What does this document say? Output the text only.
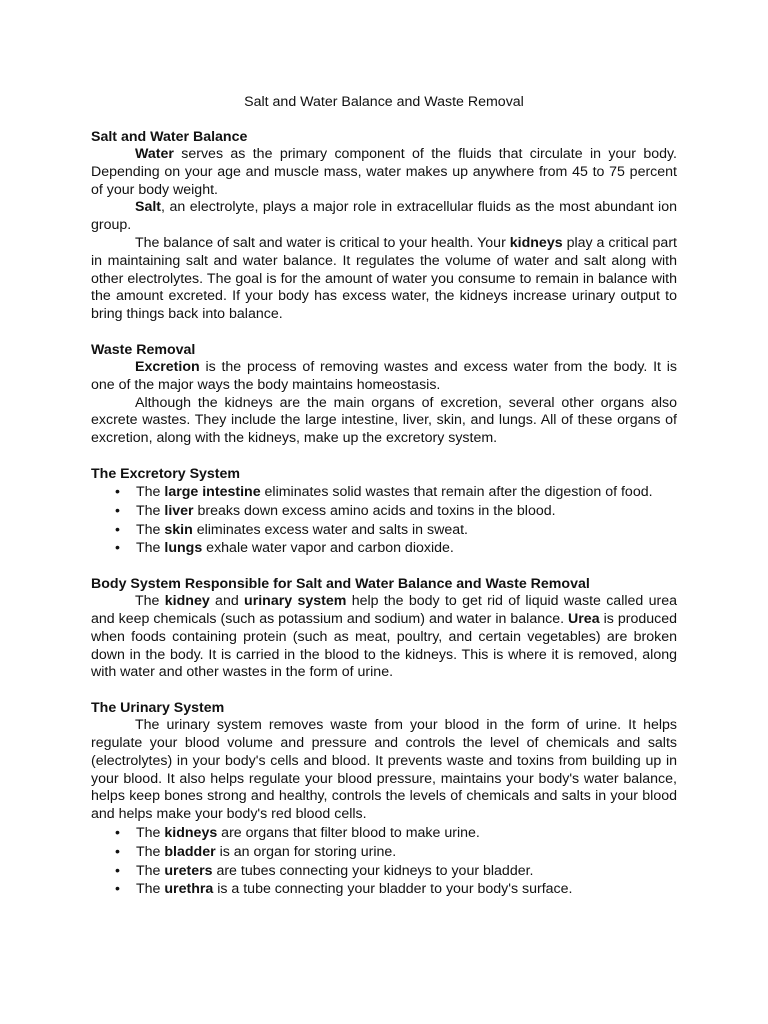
Salt and Water Balance and Waste Removal
Salt and Water Balance

Water serves as the primary component of the fluids that circulate in your body. Depending on your age and muscle mass, water makes up anywhere from 45 to 75 percent of your body weight.

Salt, an electrolyte, plays a major role in extracellular fluids as the most abundant ion group.

The balance of salt and water is critical to your health. Your kidneys play a critical part in maintaining salt and water balance. It regulates the volume of water and salt along with other electrolytes. The goal is for the amount of water you consume to remain in balance with the amount excreted. If your body has excess water, the kidneys increase urinary output to bring things back into balance.

Waste Removal

Excretion is the process of removing wastes and excess water from the body. It is one of the major ways the body maintains homeostasis.

Although the kidneys are the main organs of excretion, several other organs also excrete wastes. They include the large intestine, liver, skin, and lungs. All of these organs of excretion, along with the kidneys, make up the excretory system.

The Excretory System
• The large intestine eliminates solid wastes that remain after the digestion of food.
• The liver breaks down excess amino acids and toxins in the blood.
• The skin eliminates excess water and salts in sweat.
• The lungs exhale water vapor and carbon dioxide.
Body System Responsible for Salt and Water Balance and Waste Removal

The kidney and urinary system help the body to get rid of liquid waste called urea and keep chemicals (such as potassium and sodium) and water in balance. Urea is produced when foods containing protein (such as meat, poultry, and certain vegetables) are broken down in the body. It is carried in the blood to the kidneys. This is where it is removed, along with water and other wastes in the form of urine.

The Urinary System

The urinary system removes waste from your blood in the form of urine. It helps regulate your blood volume and pressure and controls the level of chemicals and salts (electrolytes) in your body's cells and blood. It prevents waste and toxins from building up in your blood. It also helps regulate your blood pressure, maintains your body's water balance, helps keep bones strong and healthy, controls the levels of chemicals and salts in your blood and helps make your body's red blood cells.

• The kidneys are organs that filter blood to make urine.
• The bladder is an organ for storing urine.
• The ureters are tubes connecting your kidneys to your bladder.
• The urethra is a tube connecting your bladder to your body's surface.
